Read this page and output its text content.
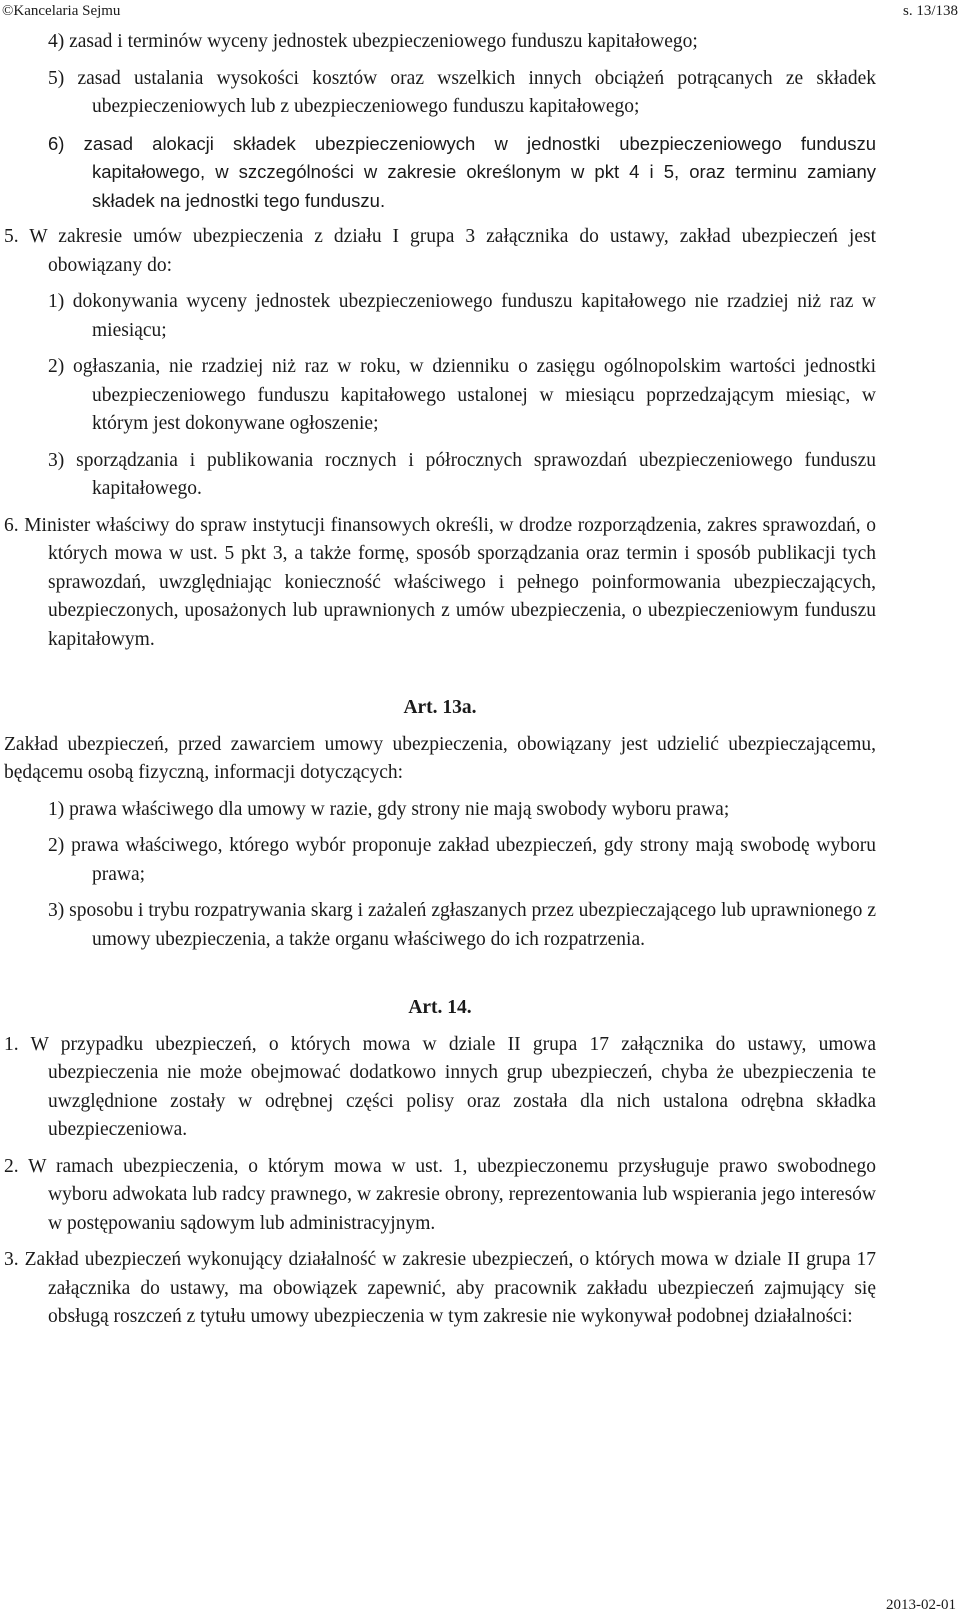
©Kancelaria Sejmu	s. 13/138

4) zasad i terminów wyceny jednostek ubezpieczeniowego funduszu kapitałowego;

5) zasad ustalania wysokości kosztów oraz wszelkich innych obciążeń potrącanych ze składek ubezpieczeniowych lub z ubezpieczeniowego funduszu kapitałowego;

6) zasad alokacji składek ubezpieczeniowych w jednostki ubezpieczeniowego funduszu kapitałowego, w szczególności w zakresie określonym w pkt 4 i 5, oraz terminu zamiany składek na jednostki tego funduszu.

5. W zakresie umów ubezpieczenia z działu I grupa 3 załącznika do ustawy, zakład ubezpieczeń jest obowiązany do:

1) dokonywania wyceny jednostek ubezpieczeniowego funduszu kapitałowego nie rzadziej niż raz w miesiącu;

2) ogłaszania, nie rzadziej niż raz w roku, w dzienniku o zasięgu ogólnopolskim wartości jednostki ubezpieczeniowego funduszu kapitałowego ustalonej w miesiącu poprzedzającym miesiąc, w którym jest dokonywane ogłoszenie;

3) sporządzania i publikowania rocznych i półrocznych sprawozdań ubezpieczeniowego funduszu kapitałowego.

6. Minister właściwy do spraw instytucji finansowych określi, w drodze rozporządzenia, zakres sprawozdań, o których mowa w ust. 5 pkt 3, a także formę, sposób sporządzania oraz termin i sposób publikacji tych sprawozdań, uwzględniając konieczność właściwego i pełnego poinformowania ubezpieczających, ubezpieczonych, uposażonych lub uprawnionych z umów ubezpieczenia, o ubezpieczeniowym funduszu kapitałowym.

Art. 13a.

Zakład ubezpieczeń, przed zawarciem umowy ubezpieczenia, obowiązany jest udzielić ubezpieczającemu, będącemu osobą fizyczną, informacji dotyczących:

1) prawa właściwego dla umowy w razie, gdy strony nie mają swobody wyboru prawa;

2) prawa właściwego, którego wybór proponuje zakład ubezpieczeń, gdy strony mają swobodę wyboru prawa;

3) sposobu i trybu rozpatrywania skarg i zażaleń zgłaszanych przez ubezpieczającego lub uprawnionego z umowy ubezpieczenia, a także organu właściwego do ich rozpatrzenia.

Art. 14.

1. W przypadku ubezpieczeń, o których mowa w dziale II grupa 17 załącznika do ustawy, umowa ubezpieczenia nie może obejmować dodatkowo innych grup ubezpieczeń, chyba że ubezpieczenia te uwzględnione zostały w odrębnej części polisy oraz została dla nich ustalona odrębna składka ubezpieczeniowa.

2. W ramach ubezpieczenia, o którym mowa w ust. 1, ubezpieczonemu przysługuje prawo swobodnego wyboru adwokata lub radcy prawnego, w zakresie obrony, reprezentowania lub wspierania jego interesów w postępowaniu sądowym lub administracyjnym.

3. Zakład ubezpieczeń wykonujący działalność w zakresie ubezpieczeń, o których mowa w dziale II grupa 17 załącznika do ustawy, ma obowiązek zapewnić, aby pracownik zakładu ubezpieczeń zajmujący się obsługą roszczeń z tytułu umowy ubezpieczenia w tym zakresie nie wykonywał podobnej działalności:

2013-02-01
